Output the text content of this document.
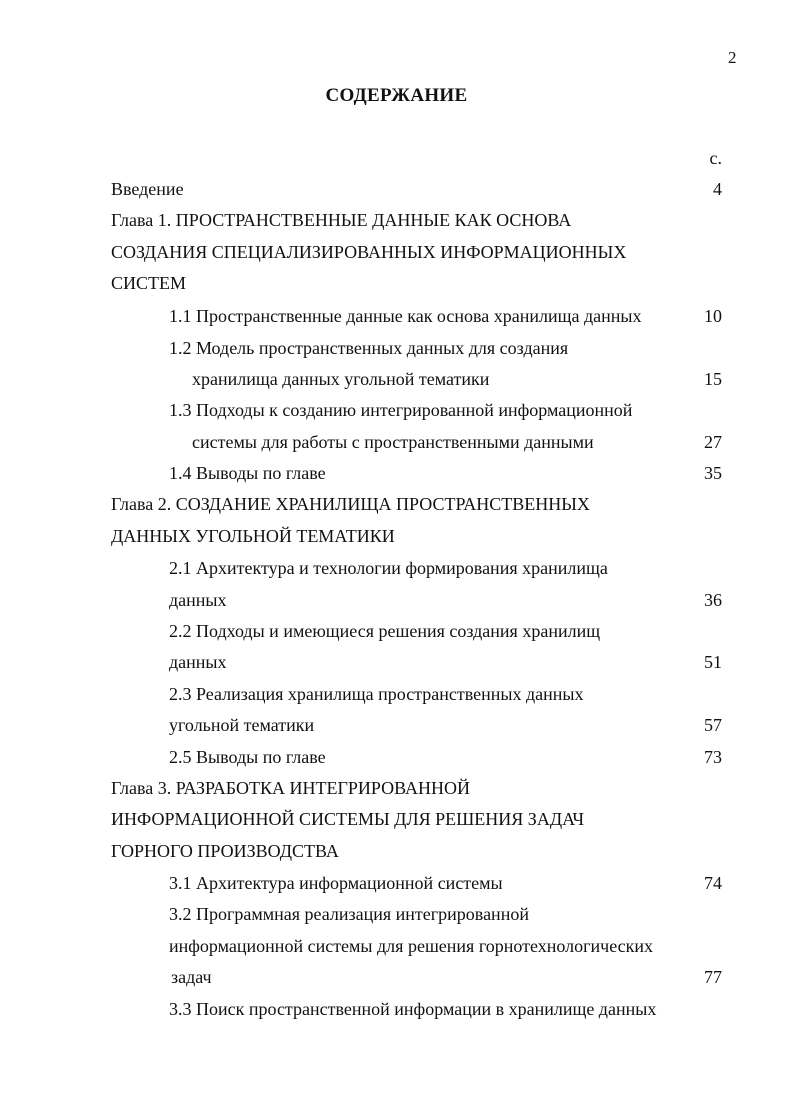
2
СОДЕРЖАНИЕ
с.
Введение	4
Глава 1. ПРОСТРАНСТВЕННЫЕ ДАННЫЕ КАК ОСНОВА
СОЗДАНИЯ СПЕЦИАЛИЗИРОВАННЫХ ИНФОРМАЦИОННЫХ
СИСТЕМ
1.1 Пространственные данные как основа хранилища данных	10
1.2 Модель пространственных данных для создания
хранилища данных угольной тематики	15
1.3 Подходы к созданию интегрированной информационной
системы для работы с пространственными данными	27
1.4 Выводы по главе	35
Глава 2. СОЗДАНИЕ ХРАНИЛИЩА ПРОСТРАНСТВЕННЫХ
ДАННЫХ УГОЛЬНОЙ ТЕМАТИКИ
2.1 Архитектура и технологии формирования хранилища
данных	36
2.2 Подходы и имеющиеся решения создания хранилищ
данных	51
2.3 Реализация хранилища пространственных данных
угольной тематики	57
2.5 Выводы по главе	73
Глава 3. РАЗРАБОТКА ИНТЕГРИРОВАННОЙ
ИНФОРМАЦИОННОЙ СИСТЕМЫ ДЛЯ РЕШЕНИЯ ЗАДАЧ
ГОРНОГО ПРОИЗВОДСТВА
3.1 Архитектура информационной системы	74
3.2 Программная реализация интегрированной
информационной системы для решения горнотехнологических
задач	77
3.3 Поиск пространственной информации в хранилище данных
